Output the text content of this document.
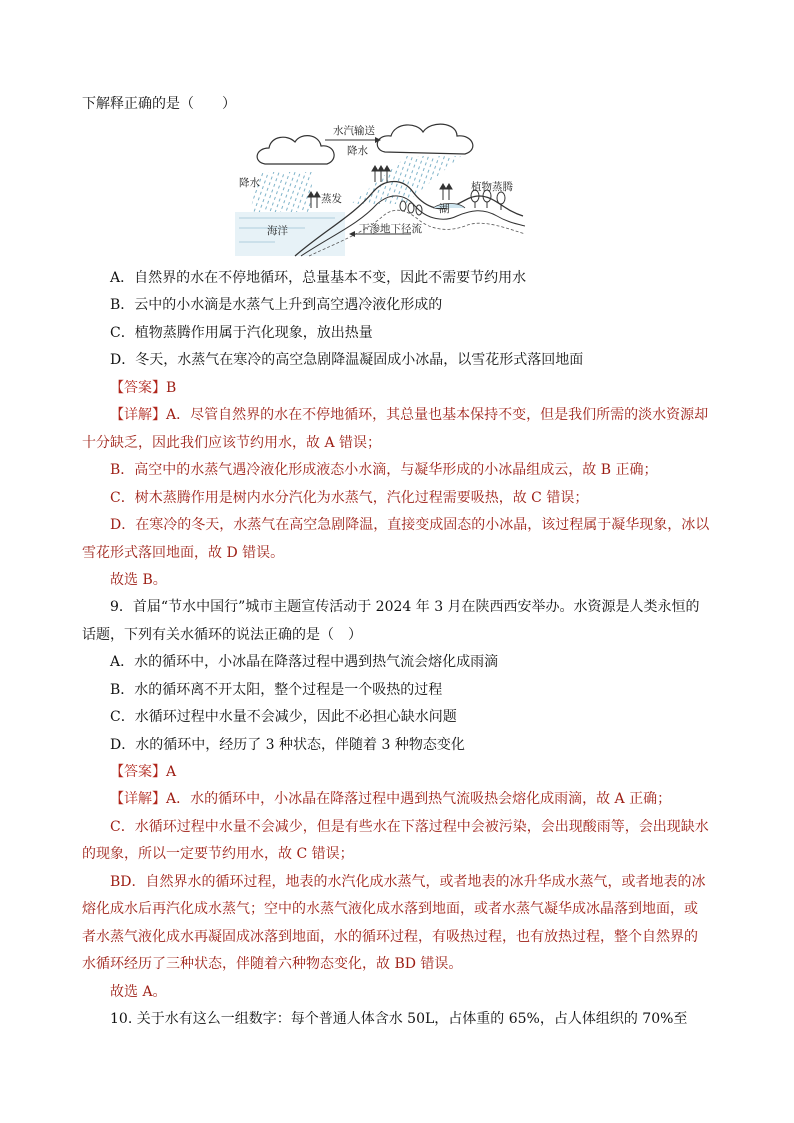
下解释正确的是（　　）
水汽输送
降水
降水
蒸发
植物蒸腾
湖
海洋	下渗地下径流
A．自然界的水在不停地循环，总量基本不变，因此不需要节约用水
B．云中的小水滴是水蒸气上升到高空遇冷液化形成的
C．植物蒸腾作用属于汽化现象，放出热量
D．冬天，水蒸气在寒冷的高空急剧降温凝固成小冰晶，以雪花形式落回地面
【答案】B
【详解】A．尽管自然界的水在不停地循环，其总量也基本保持不变，但是我们所需的淡水资源却
十分缺乏，因此我们应该节约用水，故 A 错误；
B．高空中的水蒸气遇冷液化形成液态小水滴，与凝华形成的小冰晶组成云，故 B 正确；
C．树木蒸腾作用是树内水分汽化为水蒸气，汽化过程需要吸热，故 C 错误；
D．在寒冷的冬天，水蒸气在高空急剧降温，直接变成固态的小冰晶，该过程属于凝华现象，冰以
雪花形式落回地面，故 D 错误。
故选 B。
9．首届“节水中国行”城市主题宣传活动于 2024 年 3 月在陕西西安举办。水资源是人类永恒的
话题，下列有关水循环的说法正确的是（　）
A．水的循环中，小冰晶在降落过程中遇到热气流会熔化成雨滴
B．水的循环离不开太阳，整个过程是一个吸热的过程
C．水循环过程中水量不会减少，因此不必担心缺水问题
D．水的循环中，经历了 3 种状态，伴随着 3 种物态变化
【答案】A
【详解】A．水的循环中，小冰晶在降落过程中遇到热气流吸热会熔化成雨滴，故 A 正确；
C．水循环过程中水量不会减少，但是有些水在下落过程中会被污染，会出现酸雨等，会出现缺水
的现象，所以一定要节约用水，故 C 错误；
BD．自然界水的循环过程，地表的水汽化成水蒸气，或者地表的冰升华成水蒸气，或者地表的冰
熔化成水后再汽化成水蒸气；空中的水蒸气液化成水落到地面，或者水蒸气凝华成冰晶落到地面，或
者水蒸气液化成水再凝固成冰落到地面，水的循环过程，有吸热过程，也有放热过程，整个自然界的
水循环经历了三种状态，伴随着六种物态变化，故 BD 错误。
故选 A。
10. 关于水有这么一组数字：每个普通人体含水 50L，占体重的 65%，占人体组织的 70%至
